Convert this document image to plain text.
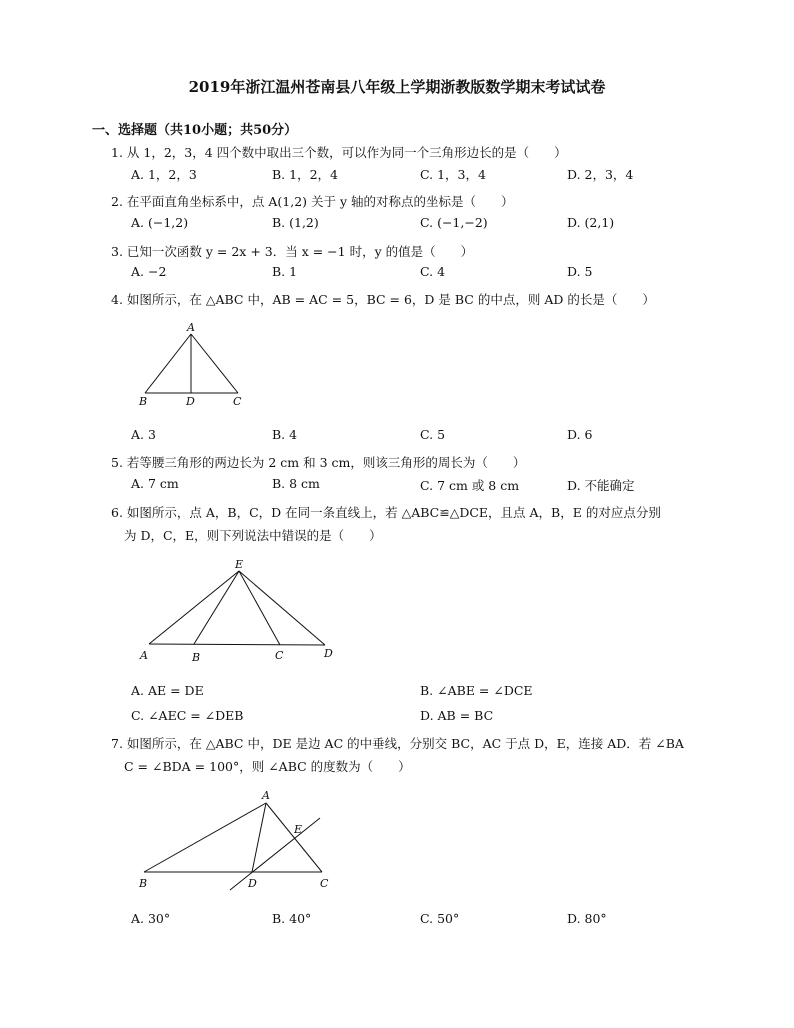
2019年浙江温州苍南县八年级上学期浙教版数学期末考试试卷
一、选择题（共10小题；共50分）
1. 从 1，2，3，4 四个数中取出三个数，可以作为同一个三角形边长的是（　　）
A. 1，2，3	B. 1，2，4	C. 1，3，4	D. 2，3，4
2. 在平面直角坐标系中，点 A(1,2) 关于 y 轴的对称点的坐标是（　　）
A. (−1,2)	B. (1,2)	C. (−1,−2)	D. (2,1)
3. 已知一次函数 y = 2x + 3．当 x = −1 时，y 的值是（　　）
A. −2	B. 1	C. 4	D. 5
4. 如图所示，在 △ABC 中，AB = AC = 5，BC = 6，D 是 BC 的中点，则 AD 的长是（　　）
A
B	D	C
A. 3	B. 4	C. 5	D. 6
5. 若等腰三角形的两边长为 2 cm 和 3 cm，则该三角形的周长为（　　）
A. 7 cm	B. 8 cm	C. 7 cm 或 8 cm	D. 不能确定
6. 如图所示，点 A，B，C，D 在同一条直线上，若 △ABC≌△DCE，且点 A，B，E 的对应点分别
为 D，C，E，则下列说法中错误的是（　　）
E
A	B	C	D
A. AE = DE	B. ∠ABE = ∠DCE
C. ∠AEC = ∠DEB	D. AB = BC
7. 如图所示，在 △ABC 中，DE 是边 AC 的中垂线，分别交 BC，AC 于点 D，E，连接 AD．若 ∠BA
C = ∠BDA = 100°，则 ∠ABC 的度数为（　　）
A
E
B	D	C
A. 30°	B. 40°	C. 50°	D. 80°
